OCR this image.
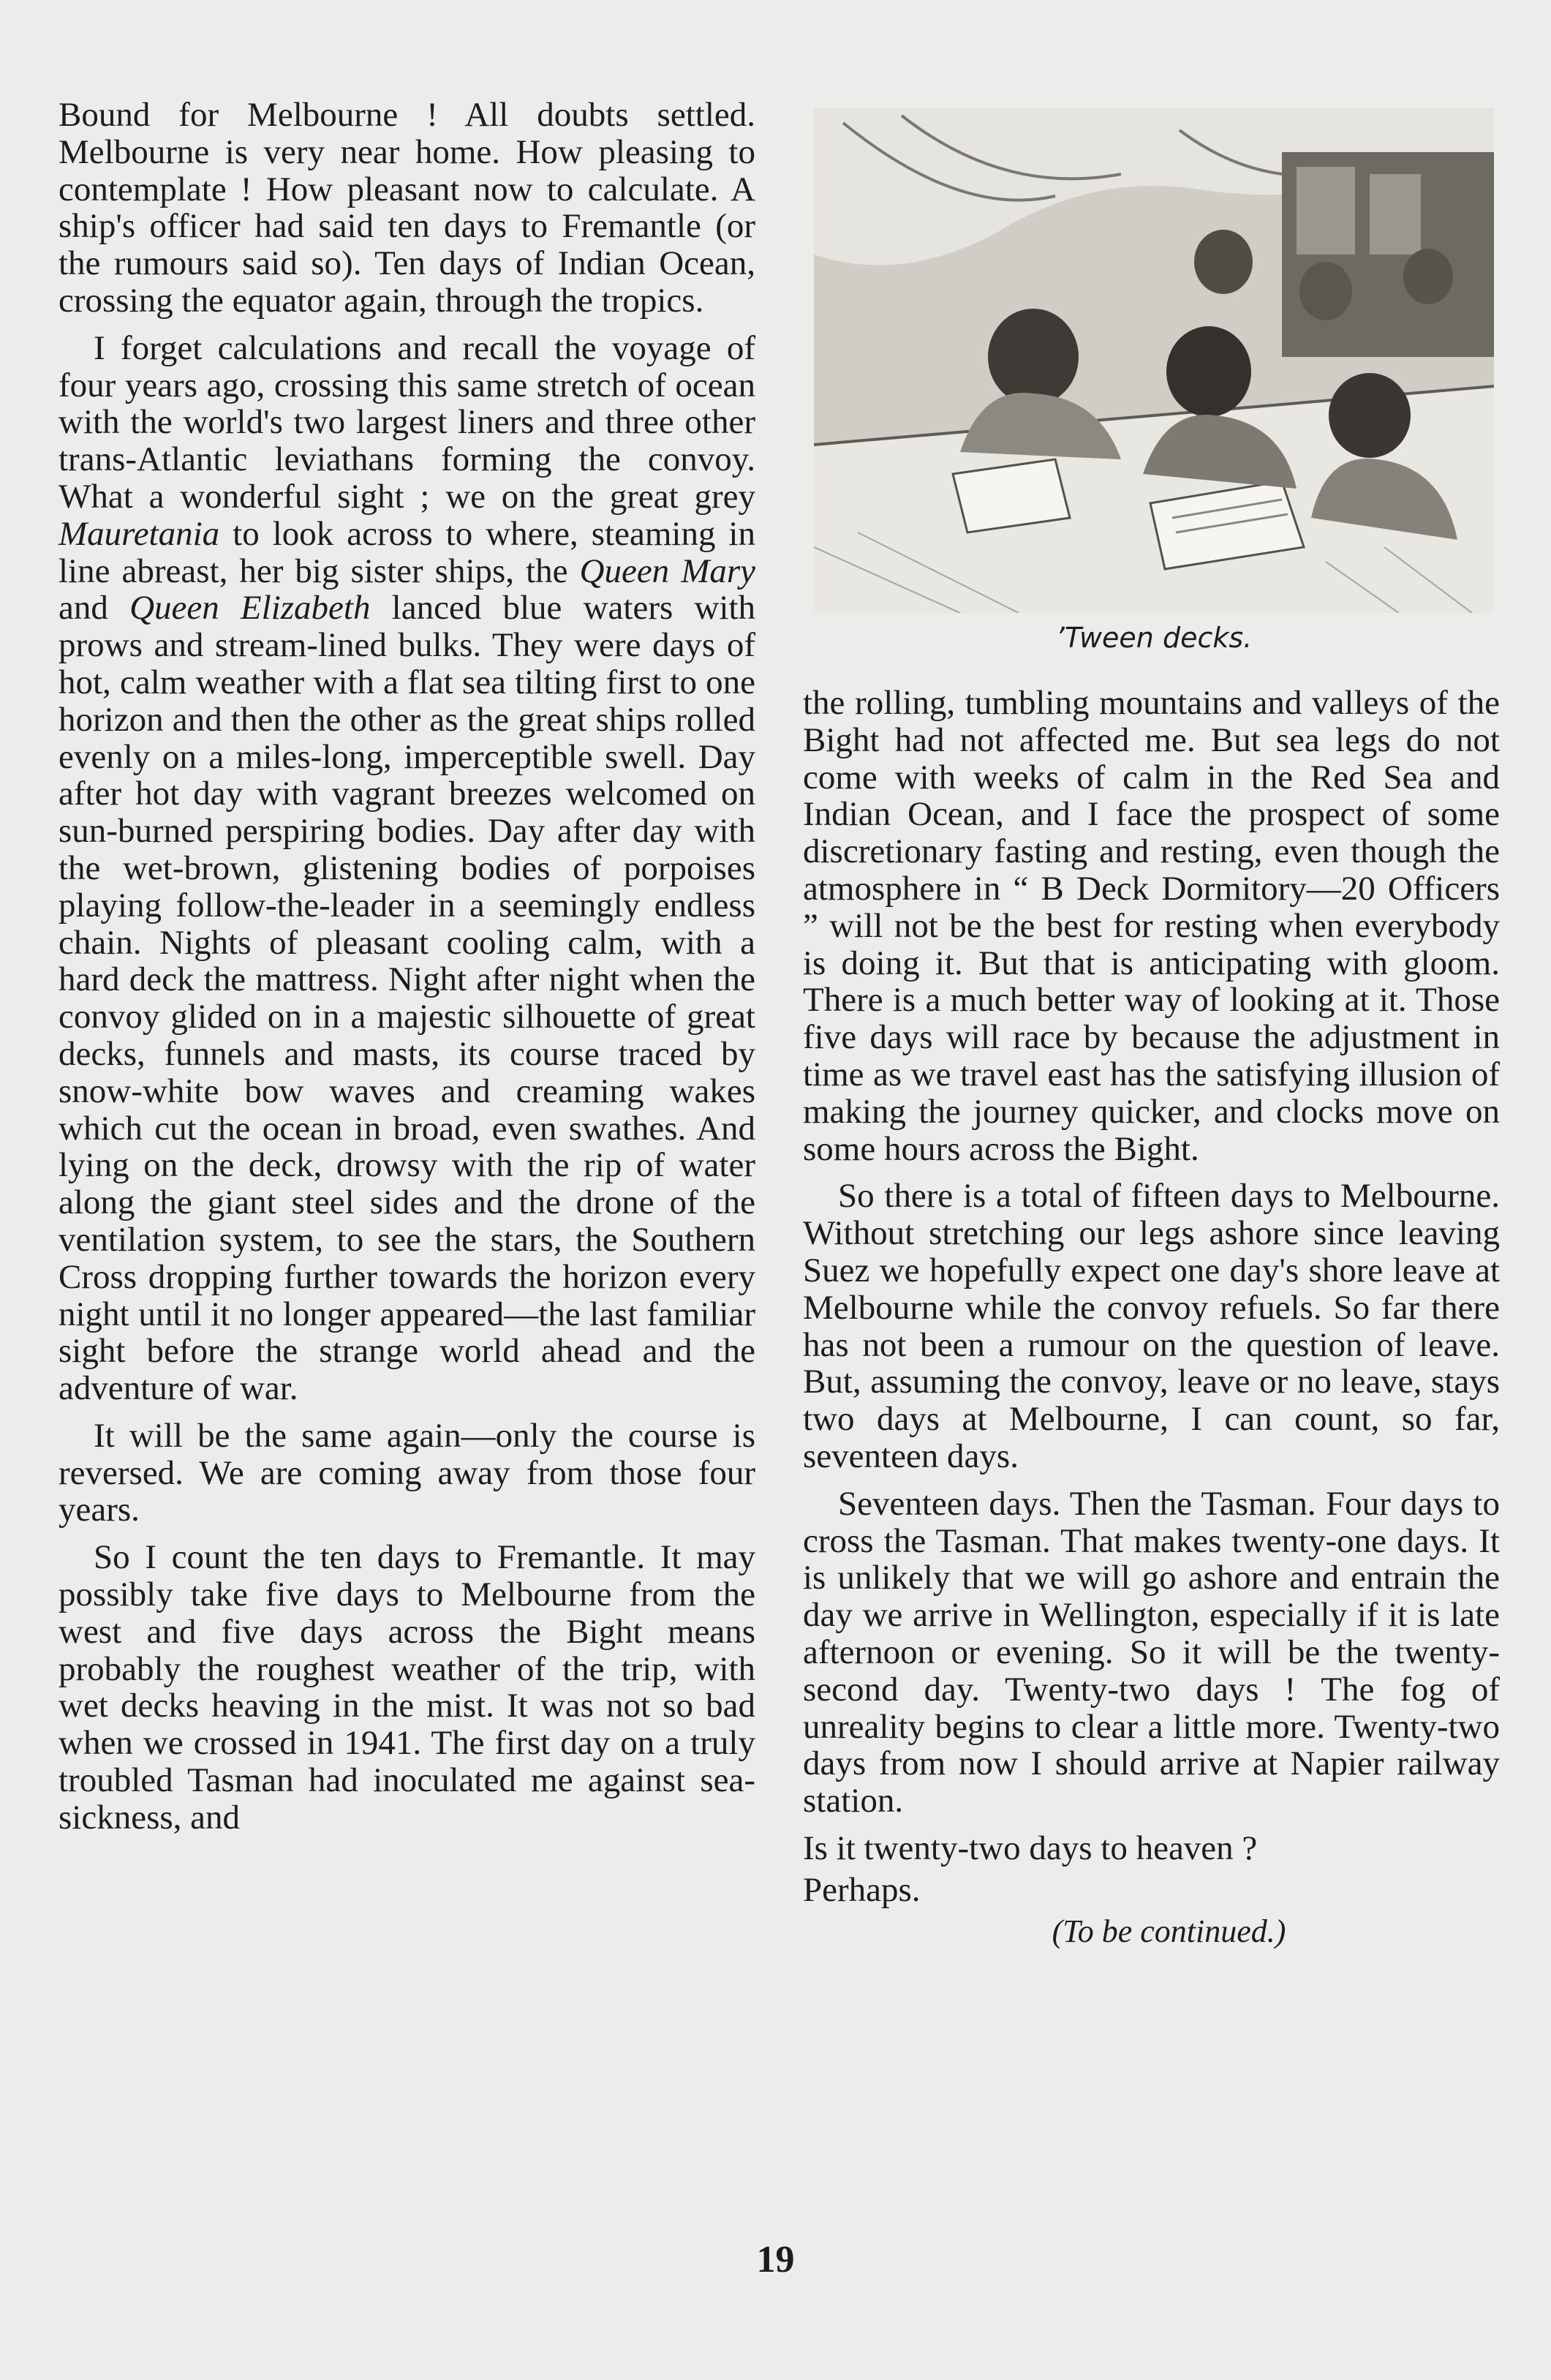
Bound for Melbourne ! All doubts settled. Melbourne is very near home. How pleasing to contemplate ! How pleasant now to calculate. A ship's officer had said ten days to Fremantle (or the rumours said so). Ten days of Indian Ocean, crossing the equator again, through the tropics.

I forget calculations and recall the voyage of four years ago, crossing this same stretch of ocean with the world's two largest liners and three other trans-Atlantic leviathans forming the convoy. What a wonderful sight ; we on the great grey Mauretania to look across to where, steaming in line abreast, her big sister ships, the Queen Mary and Queen Elizabeth lanced blue waters with prows and stream-lined bulks. They were days of hot, calm weather with a flat sea tilting first to one horizon and then the other as the great ships rolled evenly on a miles-long, imperceptible swell. Day after hot day with vagrant breezes welcomed on sun-burned perspiring bodies. Day after day with the wet-brown, glistening bodies of porpoises playing follow-the-leader in a seemingly endless chain. Nights of pleasant cooling calm, with a hard deck the mattress. Night after night when the convoy glided on in a majestic silhouette of great decks, funnels and masts, its course traced by snow-white bow waves and creaming wakes which cut the ocean in broad, even swathes. And lying on the deck, drowsy with the rip of water along the giant steel sides and the drone of the ventilation system, to see the stars, the Southern Cross dropping further towards the horizon every night until it no longer appeared—the last familiar sight before the strange world ahead and the adventure of war.

It will be the same again—only the course is reversed. We are coming away from those four years.

So I count the ten days to Fremantle. It may possibly take five days to Melbourne from the west and five days across the Bight means probably the roughest weather of the trip, with wet decks heaving in the mist. It was not so bad when we crossed in 1941. The first day on a truly troubled Tasman had inoculated me against sea-sickness, and

’Tween decks.

the rolling, tumbling mountains and valleys of the Bight had not affected me. But sea legs do not come with weeks of calm in the Red Sea and Indian Ocean, and I face the prospect of some discretionary fasting and resting, even though the atmosphere in “ B Deck Dormitory—20 Officers ” will not be the best for resting when everybody is doing it. But that is anticipating with gloom. There is a much better way of looking at it. Those five days will race by because the adjustment in time as we travel east has the satisfying illusion of making the journey quicker, and clocks move on some hours across the Bight.

So there is a total of fifteen days to Melbourne. Without stretching our legs ashore since leaving Suez we hopefully expect one day's shore leave at Melbourne while the convoy refuels. So far there has not been a rumour on the question of leave. But, assuming the convoy, leave or no leave, stays two days at Melbourne, I can count, so far, seventeen days.

Seventeen days. Then the Tasman. Four days to cross the Tasman. That makes twenty-one days. It is unlikely that we will go ashore and entrain the day we arrive in Wellington, especially if it is late afternoon or evening. So it will be the twenty-second day. Twenty-two days ! The fog of unreality begins to clear a little more. Twenty-two days from now I should arrive at Napier railway station.

Is it twenty-two days to heaven ?

Perhaps.

(To be continued.)

19
